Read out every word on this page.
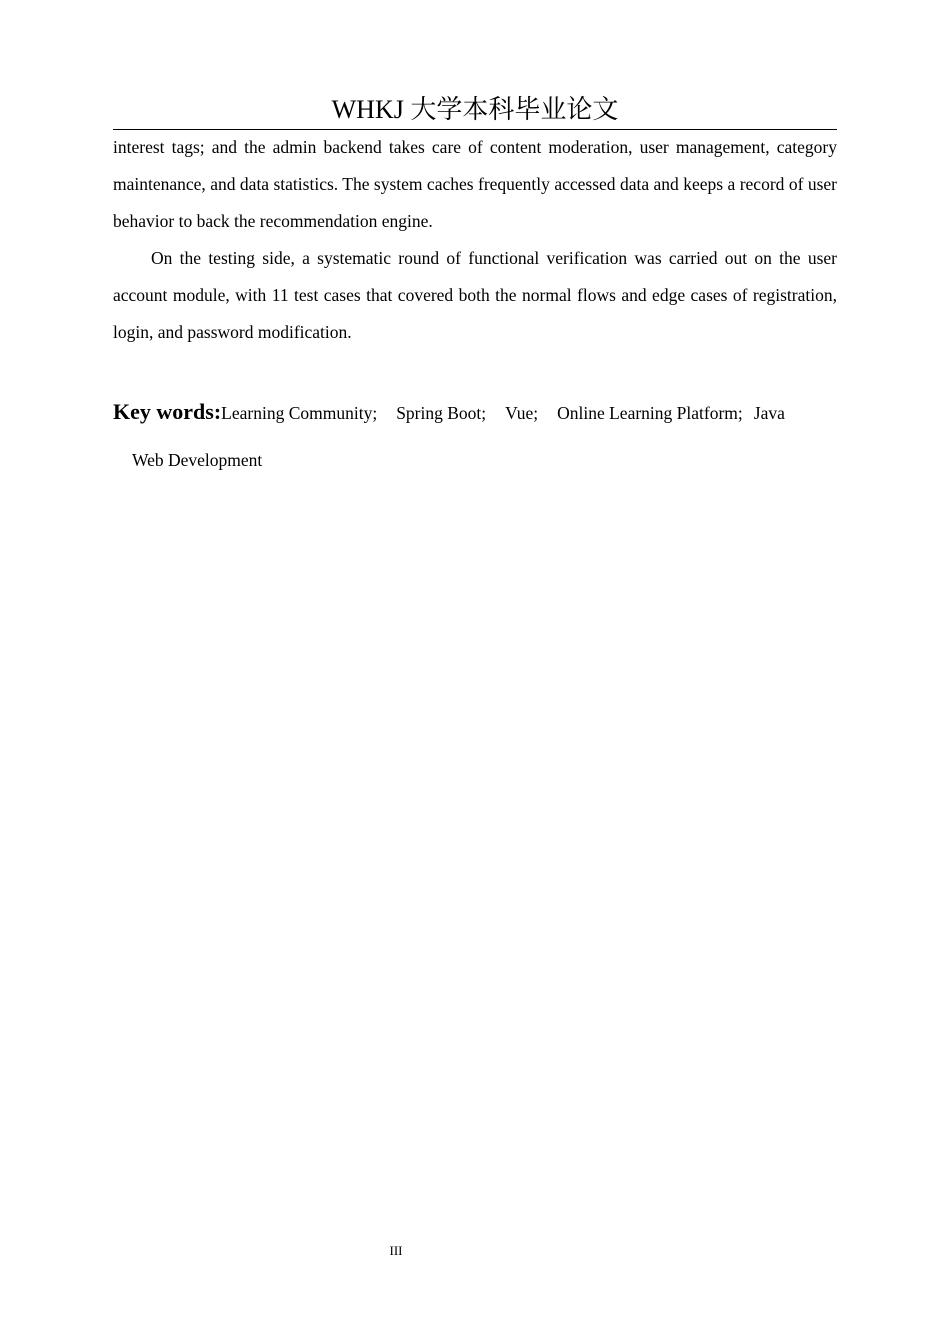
WHKJ 大学本科毕业论文

interest tags; and the admin backend takes care of content moderation, user management, category maintenance, and data statistics. The system caches frequently accessed data and keeps a record of user behavior to back the recommendation engine.

On the testing side, a systematic round of functional verification was carried out on the user account module, with 11 test cases that covered both the normal flows and edge cases of registration, login, and password modification.

Key words:Learning Community; Spring Boot; Vue; Online Learning Platform; Java
Web Development
III
